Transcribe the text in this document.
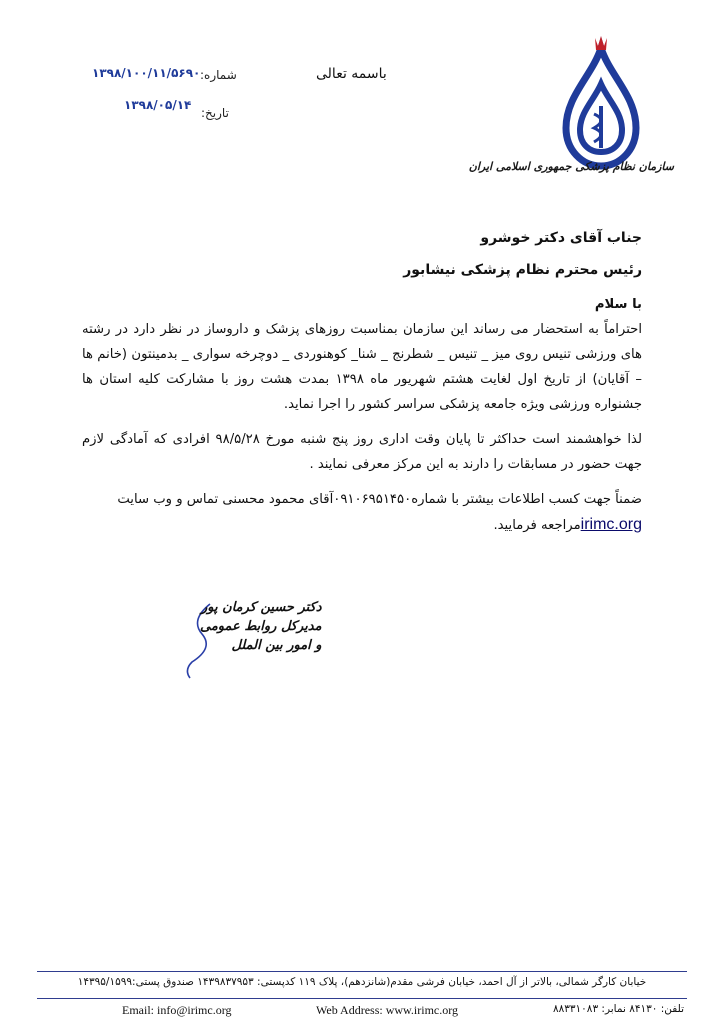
سازمان نظام پزشکی جمهوری اسلامی ایران
باسمه تعالی
شماره:
۱۳۹۸/۱۰۰/۱۱/۵۶۹۰
تاریخ:
۱۳۹۸/۰۵/۱۴
جناب آقای دکتر خوشرو
رئیس محترم نظام پزشکی نیشابور

با سلام

احتراماً به استحضار می رساند این سازمان بمناسبت روزهای پزشک و داروساز در نظر دارد در رشته های ورزشی تنیس روی میز _ تنیس _ شطرنج _ شنا_ کوهنوردی _ دوچرخه سواری _ بدمینتون (خانم ها – آقایان) از تاریخ اول لغایت هشتم شهریور ماه ۱۳۹۸ بمدت هشت روز با مشارکت کلیه استان ها جشنواره ورزشی ویژه جامعه پزشکی سراسر کشور را اجرا نماید.

لذا خواهشمند است حداکثر تا پایان وقت اداری روز پنج شنبه مورخ ۹۸/۵/۲۸ افرادی که آمادگی لازم جهت حضور در مسابقات را دارند به این مرکز معرفی نمایند .

ضمناً جهت کسب اطلاعات بیشتر با شماره۰۹۱۰۶۹۵۱۴۵۰آقای محمود محسنی تماس و وب سایت
irimc.orgمراجعه فرمایید.

دکتر حسین کرمان پور
مدیرکل روابط عمومی
و امور بین الملل
خیابان کارگر شمالی، بالاتر از آل احمد، خیابان فرشی مقدم(شانزدهم)، پلاک ۱۱۹ کدپستی: ۱۴۳۹۸۳۷۹۵۳ صندوق پستی:۱۴۳۹۵/۱۵۹۹
Email: info@irimc.org	Web Address: www.irimc.org	تلفن: ۸۴۱۳۰ نمابر: ۸۸۳۳۱۰۸۳
